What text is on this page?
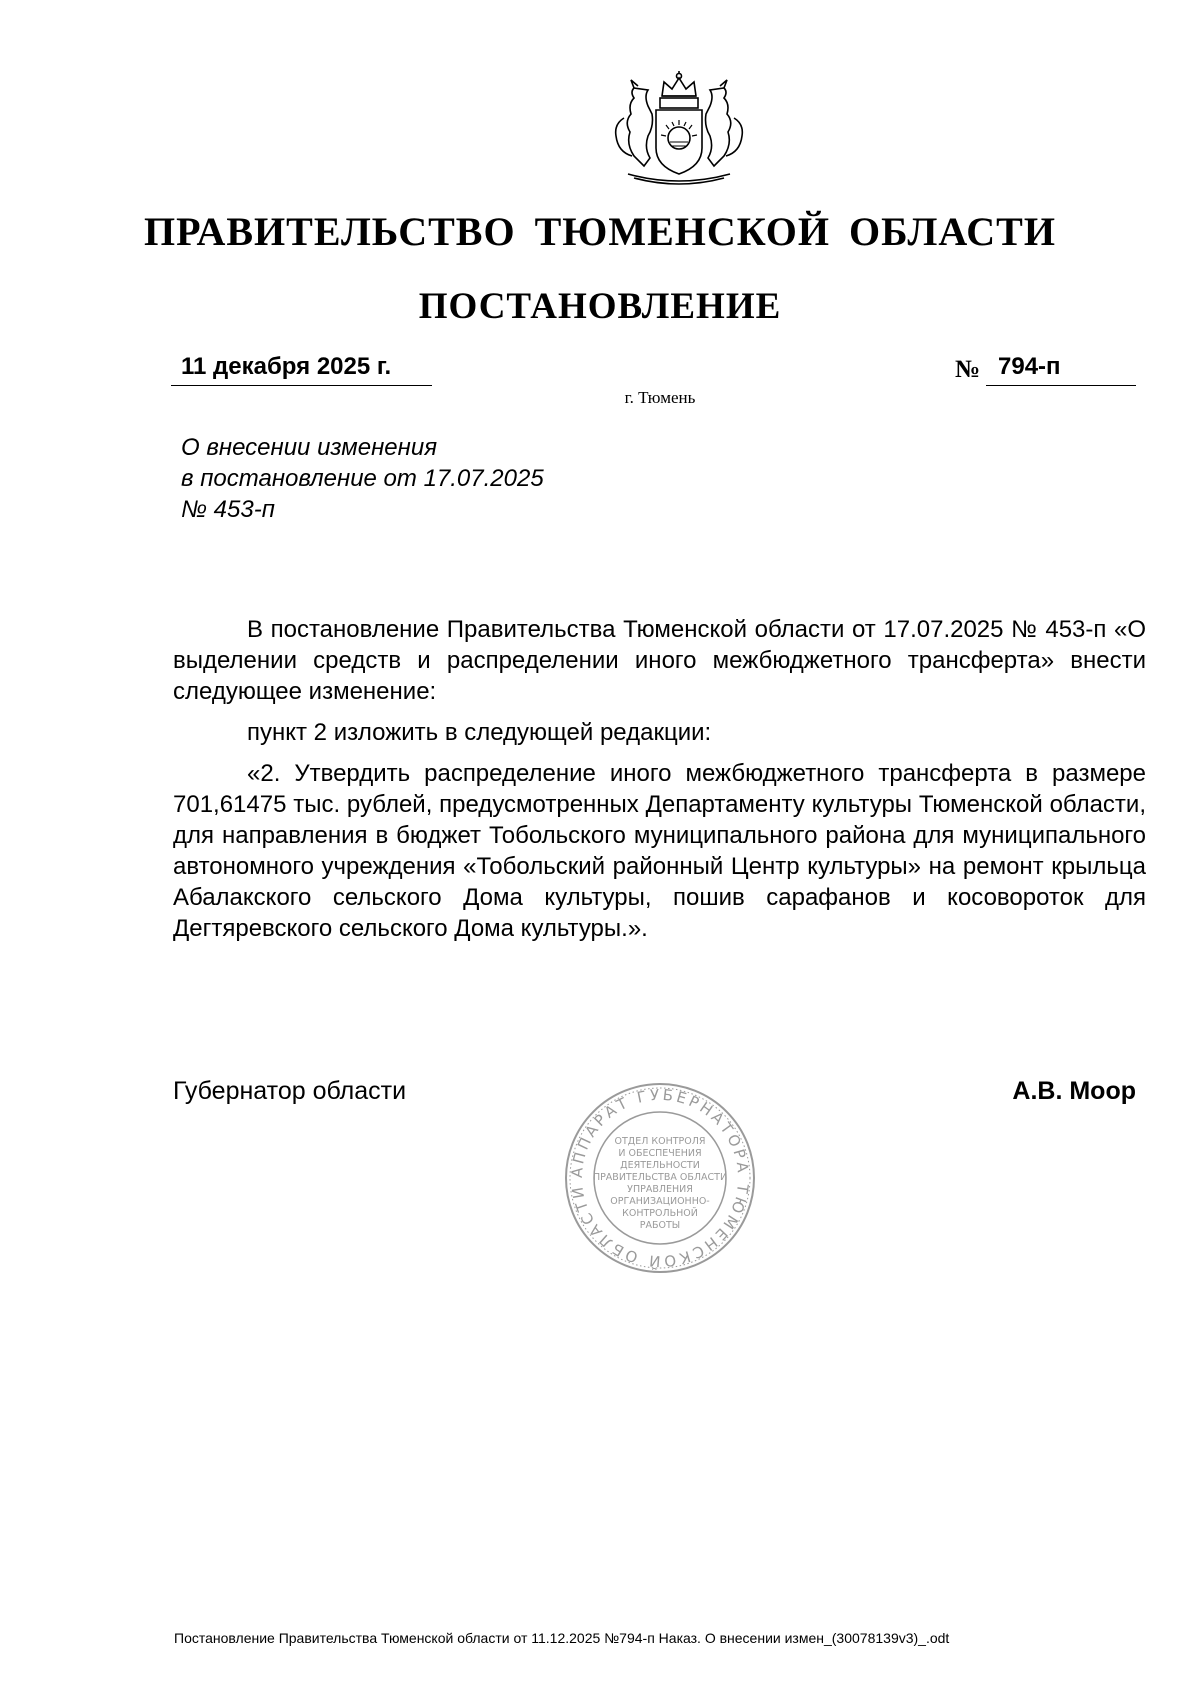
ПРАВИТЕЛЬСТВО ТЮМЕНСКОЙ ОБЛАСТИ
ПОСТАНОВЛЕНИЕ
11 декабря 2025 г.	№ 794-п
г. Тюмень
О внесении изменения
в постановление от 17.07.2025
№ 453-п

В постановление Правительства Тюменской области от 17.07.2025 № 453-п «О выделении средств и распределении иного межбюджетного трансферта» внести следующее изменение:

пункт 2 изложить в следующей редакции:

«2. Утвердить распределение иного межбюджетного трансферта в размере 701,61475 тыс. рублей, предусмотренных Департаменту культуры Тюменской области, для направления в бюджет Тобольского муниципального района для муниципального автономного учреждения «Тобольский районный Центр культуры» на ремонт крыльца Абалакского сельского Дома культуры, пошив сарафанов и косовороток для Дегтяревского сельского Дома культуры.».

Губернатор области	А.В. Моор
АППАРАТ ГУБЕРНАТОРА ТЮМЕНСКОЙ ОБЛАСТИ
ОТДЕЛ КОНТРОЛЯ
И ОБЕСПЕЧЕНИЯ
ДЕЯТЕЛЬНОСТИ
ПРАВИТЕЛЬСТВА ОБЛАСТИ
УПРАВЛЕНИЯ
ОРГАНИЗАЦИОННО-
КОНТРОЛЬНОЙ
РАБОТЫ
Постановление Правительства Тюменской области от 11.12.2025 №794-п Наказ. О внесении измен_(30078139v3)_.odt
